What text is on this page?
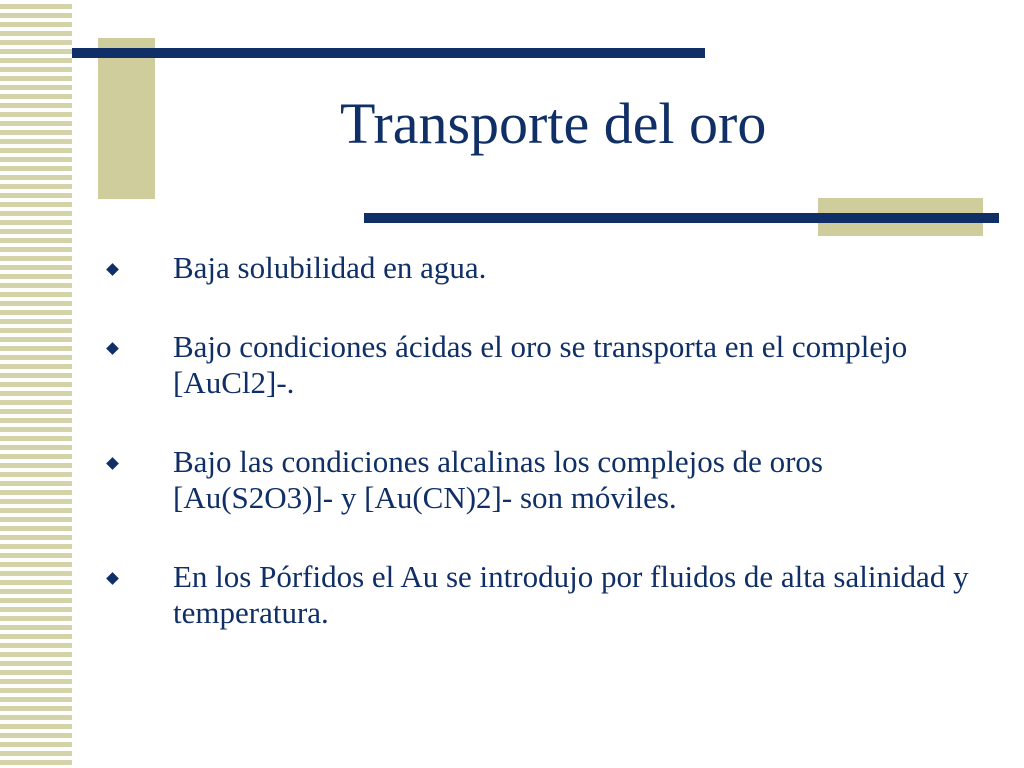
Transporte del oro
Baja solubilidad en agua.
Bajo condiciones ácidas el oro se transporta en el complejo [AuCl2]-.
Bajo las condiciones alcalinas los complejos de oros [Au(S2O3)]- y [Au(CN)2]- son móviles.
En los Pórfidos el Au se introdujo por fluidos de alta salinidad y temperatura.
